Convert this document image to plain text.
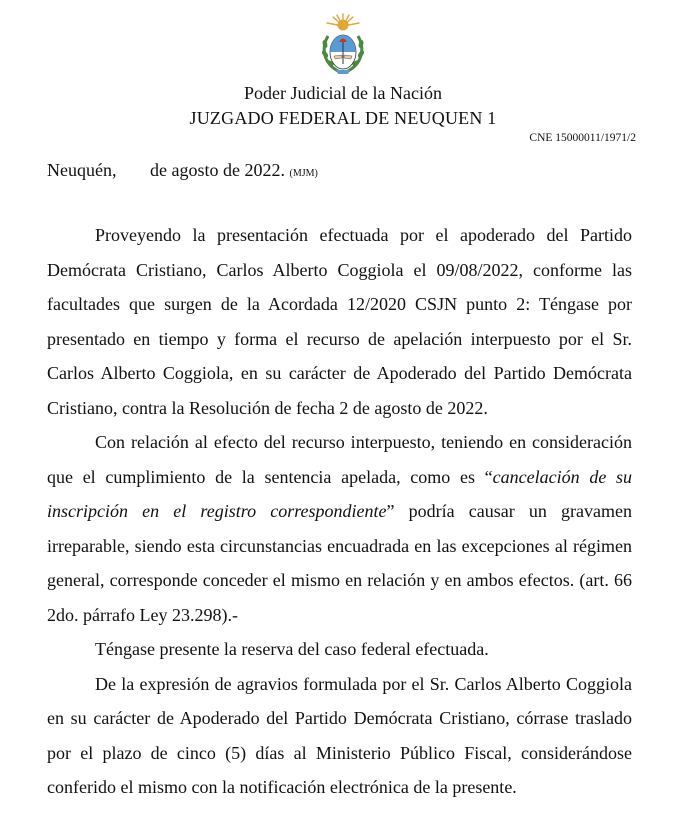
Poder Judicial de la Nación
JUZGADO FEDERAL DE NEUQUEN 1
CNE 15000011/1971/2
Neuquén, de agosto de 2022. (MJM)

Proveyendo la presentación efectuada por el apoderado del Partido Demócrata Cristiano, Carlos Alberto Coggiola el 09/08/2022, conforme las facultades que surgen de la Acordada 12/2020 CSJN punto 2: Téngase por presentado en tiempo y forma el recurso de apelación interpuesto por el Sr. Carlos Alberto Coggiola, en su carácter de Apoderado del Partido Demócrata Cristiano, contra la Resolución de fecha 2 de agosto de 2022.

Con relación al efecto del recurso interpuesto, teniendo en consideración que el cumplimiento de la sentencia apelada, como es “cancelación de su inscripción en el registro correspondiente” podría causar un gravamen irreparable, siendo esta circunstancias encuadrada en las excepciones al régimen general, corresponde conceder el mismo en relación y en ambos efectos. (art. 66 2do. párrafo Ley 23.298).-

Téngase presente la reserva del caso federal efectuada.

De la expresión de agravios formulada por el Sr. Carlos Alberto Coggiola en su carácter de Apoderado del Partido Demócrata Cristiano, córrase traslado por el plazo de cinco (5) días al Ministerio Público Fiscal, considerándose conferido el mismo con la notificación electrónica de la presente.
